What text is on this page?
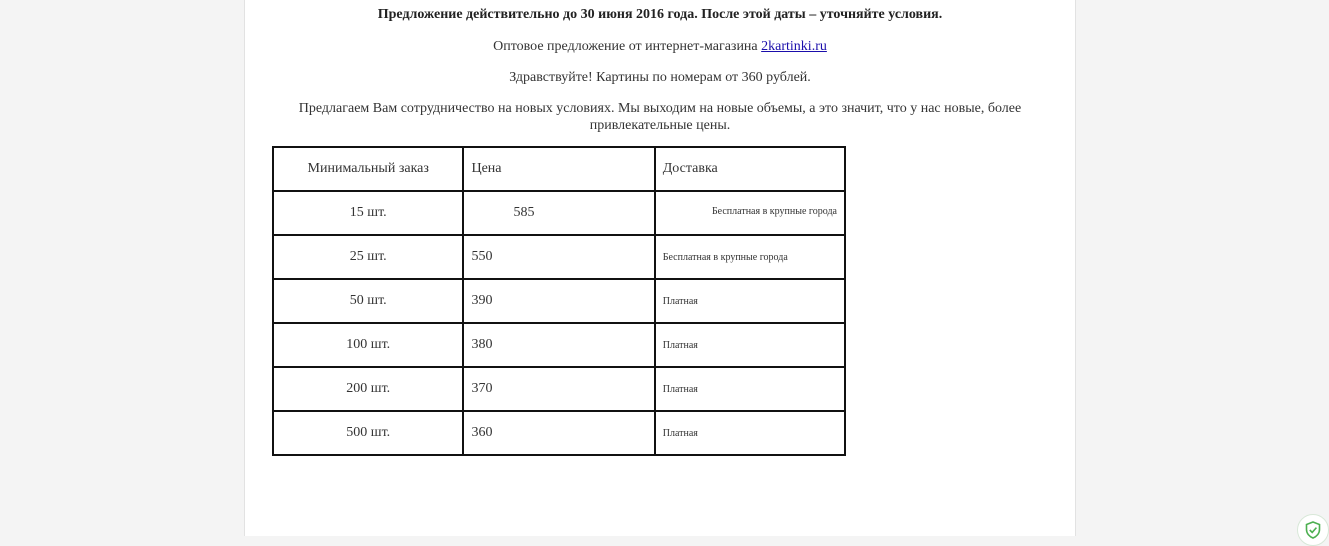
Предложение действительно до 30 июня 2016 года. После этой даты – уточняйте условия.
Оптовое предложение от интернет-магазина 2kartinki.ru
Здравствуйте! Картины по номерам от 360 рублей.
Предлагаем Вам сотрудничество на новых условиях. Мы выходим на новые объемы, а это значит, что у нас новые, более привлекательные цены.
Минимальный заказ	Цена	Доставка
15 шт.	585	Бесплатная в крупные города
25 шт.	550	Бесплатная в крупные города
50 шт.	390	Платная
100 шт.	380	Платная
200 шт.	370	Платная
500 шт.	360	Платная
